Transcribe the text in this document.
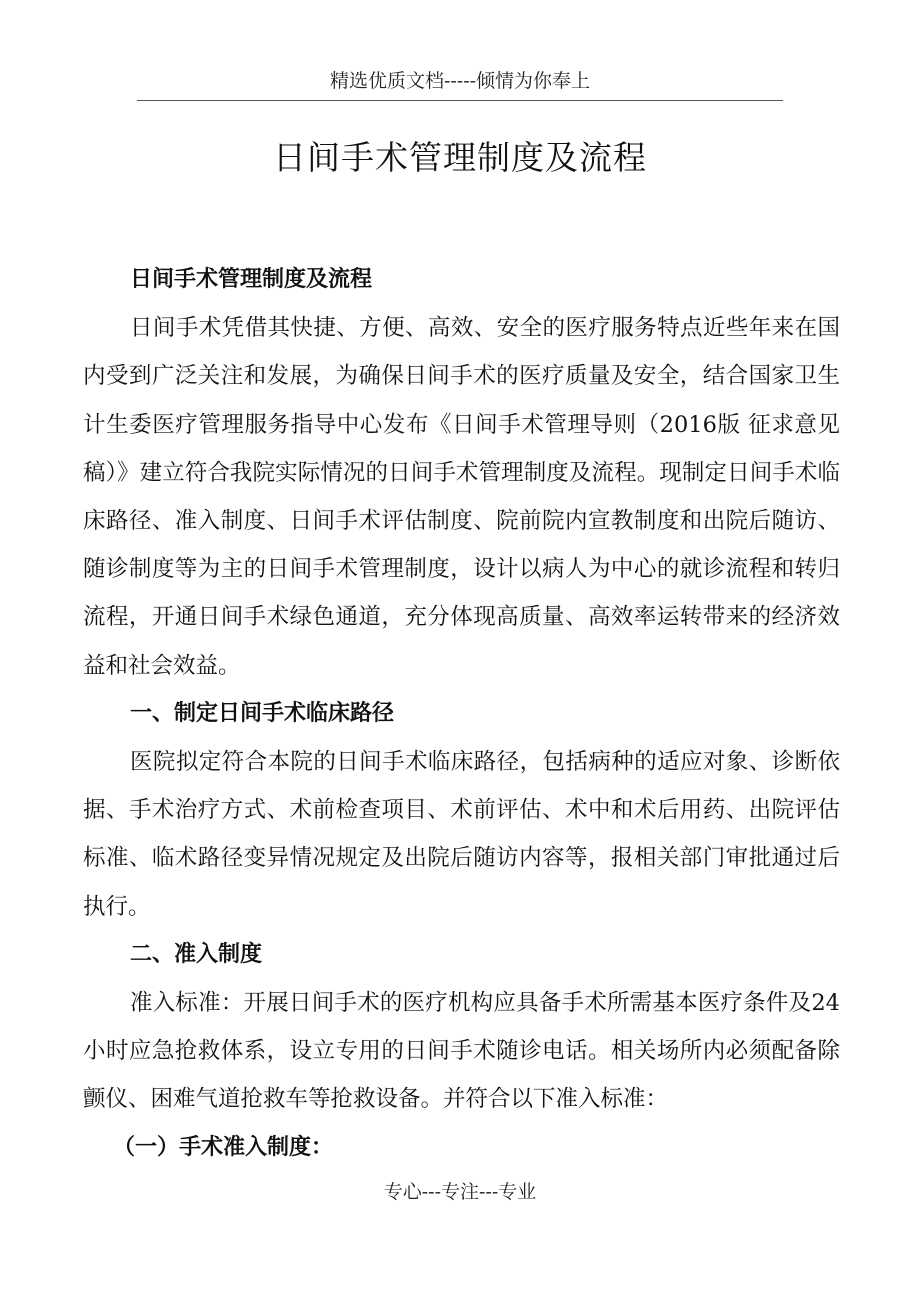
精选优质文档-----倾情为你奉上
日间手术管理制度及流程

日间手术管理制度及流程

日间手术凭借其快捷、方便、高效、安全的医疗服务特点近些年来在国内受到广泛关注和发展，为确保日间手术的医疗质量及安全，结合国家卫生计生委医疗管理服务指导中心发布《日间手术管理导则（2016版 征求意见稿）》建立符合我院实际情况的日间手术管理制度及流程。现制定日间手术临床路径、准入制度、日间手术评估制度、院前院内宣教制度和出院后随访、随诊制度等为主的日间手术管理制度，设计以病人为中心的就诊流程和转归流程，开通日间手术绿色通道，充分体现高质量、高效率运转带来的经济效益和社会效益。

一、制定日间手术临床路径

医院拟定符合本院的日间手术临床路径，包括病种的适应对象、诊断依据、手术治疗方式、术前检查项目、术前评估、术中和术后用药、出院评估标准、临术路径变异情况规定及出院后随访内容等，报相关部门审批通过后执行。

二、准入制度

准入标准：开展日间手术的医疗机构应具备手术所需基本医疗条件及24小时应急抢救体系，设立专用的日间手术随诊电话。相关场所内必须配备除颤仪、困难气道抢救车等抢救设备。并符合以下准入标准：

（一）手术准入制度：

专心---专注---专业
